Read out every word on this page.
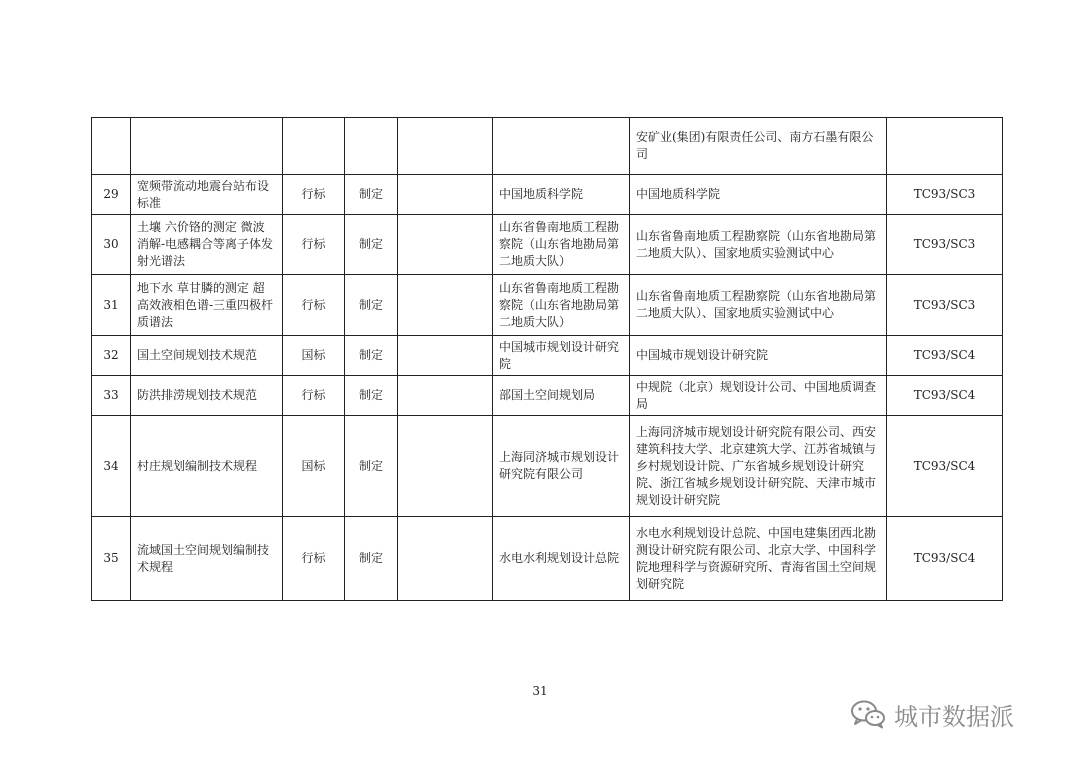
						安矿业(集团)有限责任公司、南方石墨有限公司	
29	宽频带流动地震台站布设标准	行标	制定		中国地质科学院	中国地质科学院	TC93/SC3
30	土壤 六价铬的测定 微波消解-电感耦合等离子体发射光谱法	行标	制定		山东省鲁南地质工程勘察院（山东省地勘局第二地质大队）	山东省鲁南地质工程勘察院（山东省地勘局第二地质大队）、国家地质实验测试中心	TC93/SC3
31	地下水 草甘膦的测定 超高效液相色谱-三重四极杆质谱法	行标	制定		山东省鲁南地质工程勘察院（山东省地勘局第二地质大队）	山东省鲁南地质工程勘察院（山东省地勘局第二地质大队）、国家地质实验测试中心	TC93/SC3
32	国土空间规划技术规范	国标	制定		中国城市规划设计研究院	中国城市规划设计研究院	TC93/SC4
33	防洪排涝规划技术规范	行标	制定		部国土空间规划局	中规院（北京）规划设计公司、中国地质调查局	TC93/SC4
34	村庄规划编制技术规程	国标	制定		上海同济城市规划设计研究院有限公司	上海同济城市规划设计研究院有限公司、西安建筑科技大学、北京建筑大学、江苏省城镇与乡村规划设计院、广东省城乡规划设计研究院、浙江省城乡规划设计研究院、天津市城市规划设计研究院	TC93/SC4
35	流域国土空间规划编制技术规程	行标	制定		水电水利规划设计总院	水电水利规划设计总院、中国电建集团西北勘测设计研究院有限公司、北京大学、中国科学院地理科学与资源研究所、青海省国土空间规划研究院	TC93/SC4
31
城市数据派
